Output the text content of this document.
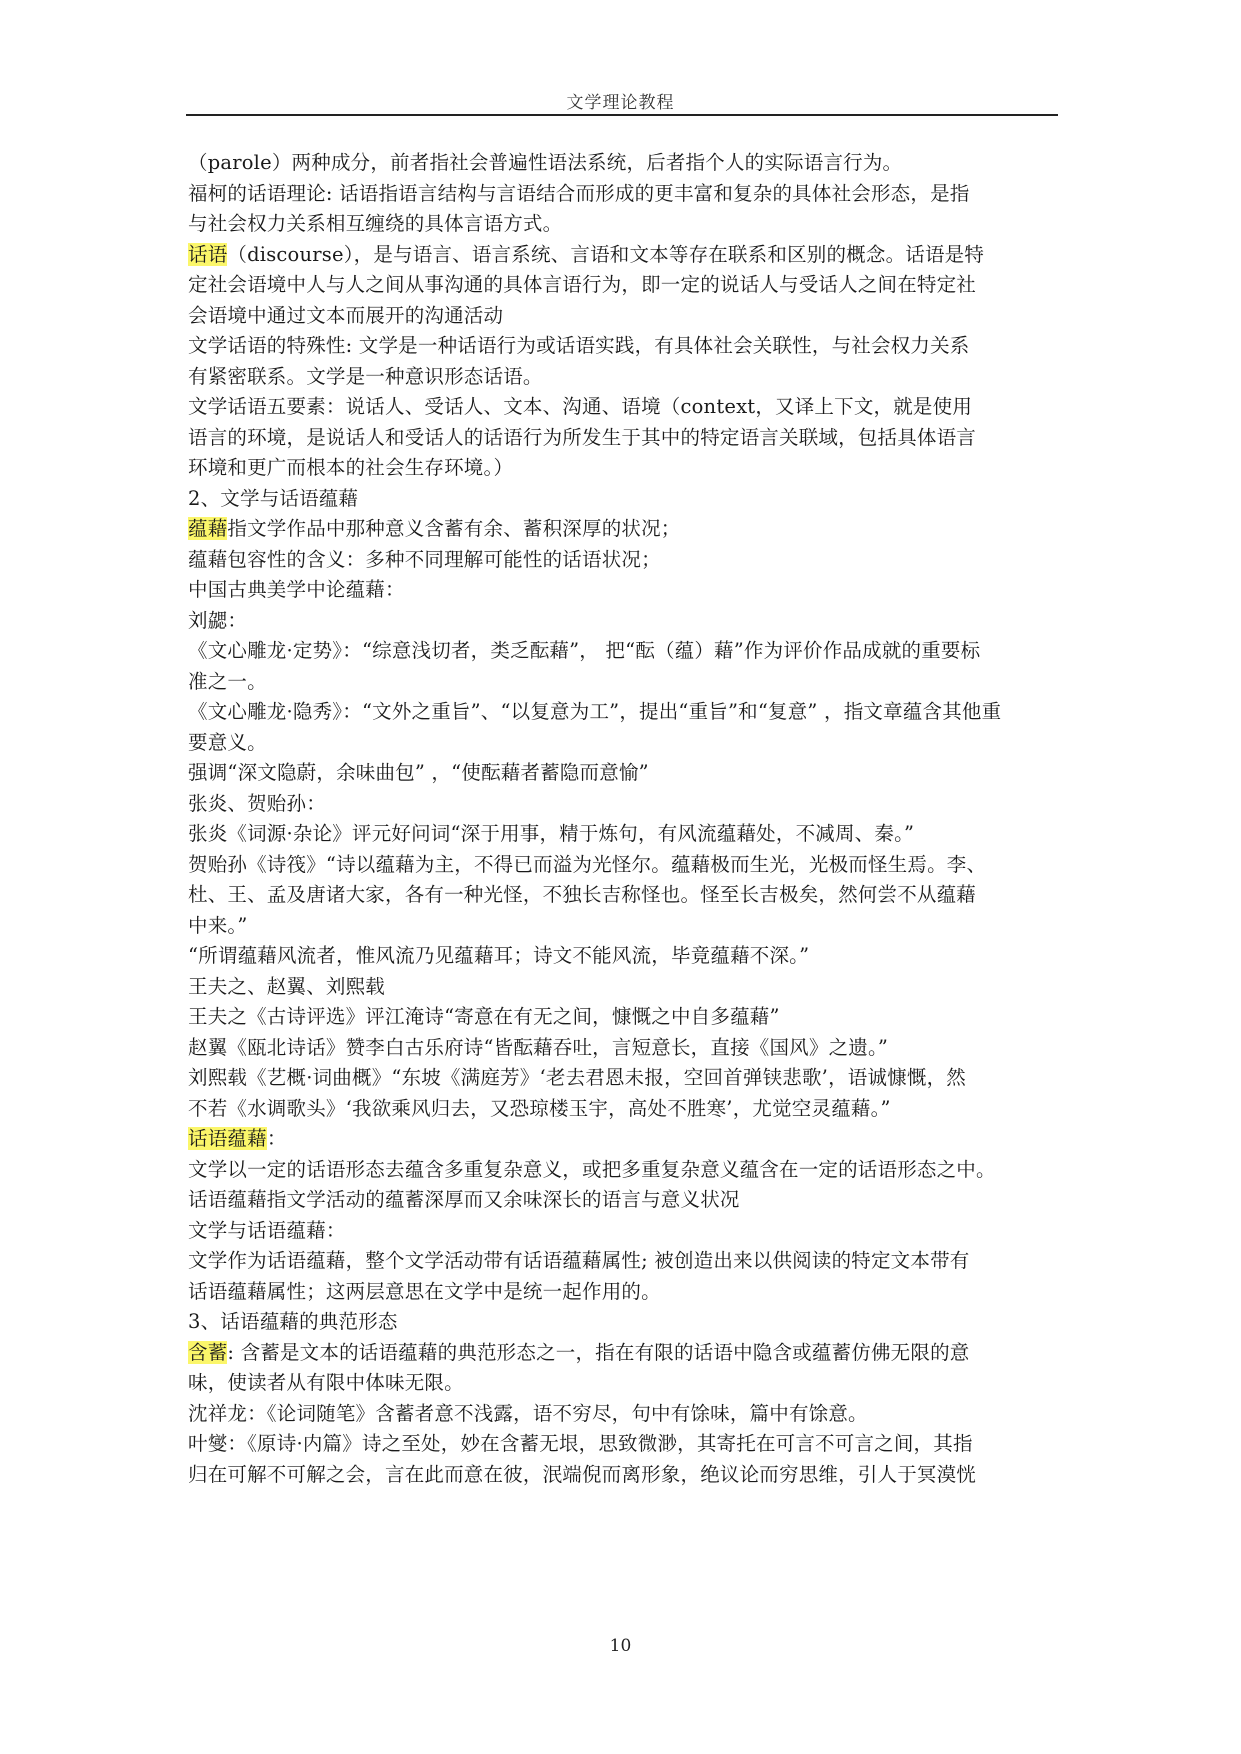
文学理论教程
（parole）两种成分，前者指社会普遍性语法系统，后者指个人的实际语言行为。
福柯的话语理论: 话语指语言结构与言语结合而形成的更丰富和复杂的具体社会形态，是指
与社会权力关系相互缠绕的具体言语方式。
话语（discourse），是与语言、语言系统、言语和文本等存在联系和区别的概念。话语是特
定社会语境中人与人之间从事沟通的具体言语行为，即一定的说话人与受话人之间在特定社
会语境中通过文本而展开的沟通活动
文学话语的特殊性: 文学是一种话语行为或话语实践，有具体社会关联性，与社会权力关系
有紧密联系。文学是一种意识形态话语。
文学话语五要素：说话人、受话人、文本、沟通、语境（context，又译上下文，就是使用
语言的环境，是说话人和受话人的话语行为所发生于其中的特定语言关联域，包括具体语言
环境和更广而根本的社会生存环境。）
2、文学与话语蕴藉
蕴藉指文学作品中那种意义含蓄有余、蓄积深厚的状况；
蕴藉包容性的含义：多种不同理解可能性的话语状况；
中国古典美学中论蕴藉：
刘勰：
《文心雕龙·定势》：“综意浅切者，类乏酝藉”， 把“酝（蕴）藉”作为评价作品成就的重要标
准之一。
《文心雕龙·隐秀》：“文外之重旨”、“以复意为工”，提出“重旨”和“复意” ，指文章蕴含其他重
要意义。
强调“深文隐蔚，余味曲包” ，“使酝藉者蓄隐而意愉”
张炎、贺贻孙：
张炎《词源·杂论》评元好问词“深于用事，精于炼句，有风流蕴藉处，不减周、秦。”
贺贻孙《诗筏》“诗以蕴藉为主，不得已而溢为光怪尔。蕴藉极而生光，光极而怪生焉。李、
杜、王、孟及唐诸大家，各有一种光怪，不独长吉称怪也。怪至长吉极矣，然何尝不从蕴藉
中来。”
“所谓蕴藉风流者，惟风流乃见蕴藉耳；诗文不能风流，毕竟蕴藉不深。”
王夫之、赵翼、刘熙载
王夫之《古诗评选》评江淹诗“寄意在有无之间，慷慨之中自多蕴藉”
赵翼《瓯北诗话》赞李白古乐府诗“皆酝藉吞吐，言短意长，直接《国风》之遗。”
刘熙载《艺概·词曲概》“东坡《满庭芳》‘老去君恩未报，空回首弹铗悲歌’，语诚慷慨，然
不若《水调歌头》‘我欲乘风归去，又恐琼楼玉宇，高处不胜寒’，尤觉空灵蕴藉。”
话语蕴藉：
文学以一定的话语形态去蕴含多重复杂意义，或把多重复杂意义蕴含在一定的话语形态之中。
话语蕴藉指文学活动的蕴蓄深厚而又余味深长的语言与意义状况
文学与话语蕴藉：
文学作为话语蕴藉，整个文学活动带有话语蕴藉属性; 被创造出来以供阅读的特定文本带有
话语蕴藉属性；这两层意思在文学中是统一起作用的。
3、话语蕴藉的典范形态
含蓄: 含蓄是文本的话语蕴藉的典范形态之一，指在有限的话语中隐含或蕴蓄仿佛无限的意
味，使读者从有限中体味无限。
沈祥龙：《论词随笔》含蓄者意不浅露，语不穷尽，句中有馀味，篇中有馀意。
叶燮：《原诗·内篇》诗之至处，妙在含蓄无垠，思致微渺，其寄托在可言不可言之间，其指
归在可解不可解之会，言在此而意在彼，泯端倪而离形象，绝议论而穷思维，引人于冥漠恍
10
